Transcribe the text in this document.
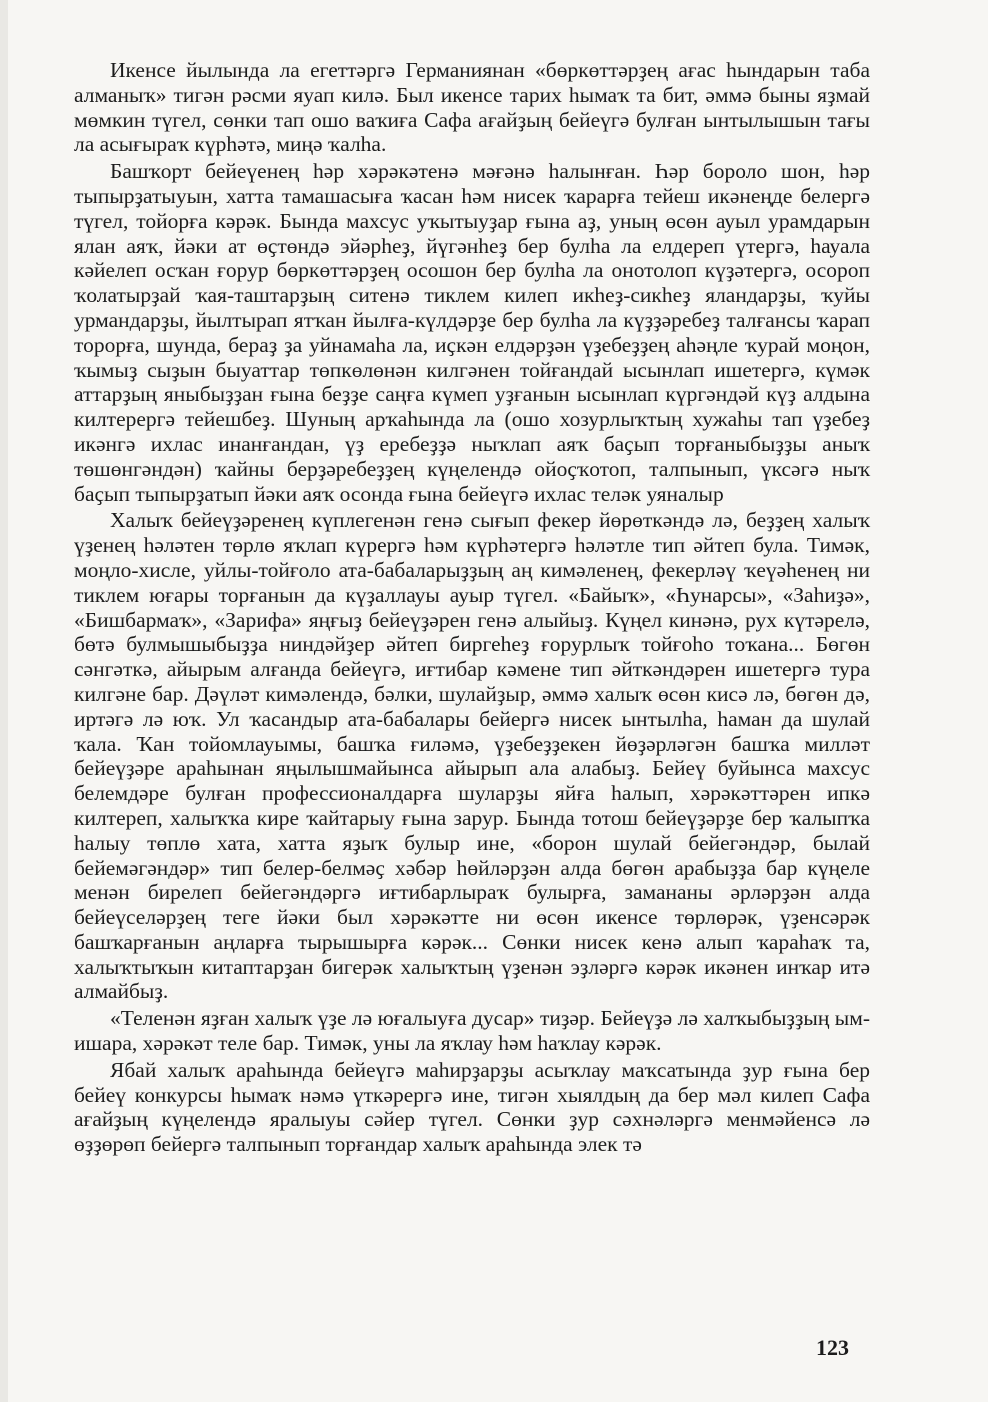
Икенсе йылында ла егеттәргә Германиянан «бөркөттәрҙең ағас һындарын таба алманыҡ» тигән рәсми яуап килә. Был икенсе тарих һымаҡ та бит, әммә быны яҙмай мөмкин түгел, сөнки тап ошо ваҡиға Сафа ағайҙың бейеүгә булған ынтылышын тағы ла асығыраҡ күрһәтә, миңә ҡалһа.

Башҡорт бейеүенең һәр хәрәкәтенә мәғәнә һалынған. Һәр бороло шон, һәр тыпырҙатыуын, хатта тамашасыға ҡасан һәм нисек ҡарарға тейеш икәнеңде белергә түгел, тойорға кәрәк. Бында махсус уҡытыуҙар ғына аҙ, уның өсөн ауыл урамдарын ялан аяҡ, йәки ат өҫтөндә эйәрһеҙ, йүгәнһеҙ бер булһа ла елдереп үтергә, һауала кәйелеп осҡан ғорур бөркөттәрҙең осошон бер булһа ла онотолоп күҙәтергә, осороп ҡолатырҙай ҡая-таштарҙың ситенә тиклем килеп икһеҙ-сикһеҙ яландарҙы, ҡуйы урмандарҙы, йылтырап ятҡан йылға-күлдәрҙе бер булһа ла күҙҙәребеҙ талғансы ҡарап торорға, шунда, бераҙ ҙа уйнамаһа ла, иҫкән елдәрҙән үҙебеҙҙең аһәңле ҡурай моңон, ҡымыҙ сыҙын быуаттар төпкөлөнән килгәнен тойғандай ысынлап ишетергә, күмәк аттарҙың яныбыҙҙан ғына беҙҙе саңға күмеп уҙғанын ысынлап күргәндәй күҙ алдына килтерергә тейешбеҙ. Шуның арҡаһында ла (ошо хозурлыҡтың хужаһы тап үҙебеҙ икәнгә ихлас инанғандан, үҙ еребеҙҙә ныҡлап аяҡ баҫып торғаныбыҙҙы аныҡ төшөнгәндән) ҡайны берҙәребеҙҙең күңелендә ойоҫҡотоп, талпынып, үксәгә ныҡ баҫып тыпырҙатып йәки аяҡ осонда ғына бейеүгә ихлас теләк уяналыр

Халыҡ бейеүҙәренең күплегенән генә сығып фекер йөрөткәндә лә, беҙҙең халыҡ үҙенең һәләтен төрлө яҡлап күрергә һәм күрһәтергә һәләтле тип әйтеп була. Тимәк, моңло-хисле, уйлы-тойғоло ата-бабаларыҙҙың аң кимәленең, фекерләү ҡеүәһенең ни тиклем юғары торғанын да күҙаллауы ауыр түгел. «Байыҡ», «Һунарсы», «Заһиҙә», «Бишбармаҡ», «Зарифа» яңғыҙ бейеүҙәрен генә алыйыҙ. Күңел кинәнә, рух күтәрелә, бөтә булмышыбыҙҙа ниндәйҙер әйтеп биргеһеҙ ғорурлыҡ тойғоһо тоҡана... Бөгөн сәнгәткә, айырым алғанда бейеүгә, иғтибар кәмене тип әйткәндәрен ишетергә тура килгәне бар. Дәүләт кимәлендә, бәлки, шулайҙыр, әммә халыҡ өсөн кисә лә, бөгөн дә, иртәгә лә юҡ. Ул ҡасандыр ата-бабалары бейергә нисек ынтылһа, һаман да шулай ҡала. Ҡан тойомлауымы, башҡа ғиләмә, үҙебеҙҙекен йөҙәрләгән башҡа милләт бейеүҙәре араһынан яңылышмайынса айырып ала алабыҙ. Бейеү буйынса махсус белемдәре булған профессионалдарға шуларҙы яйға һалып, хәрәкәттәрен ипкә килтереп, халыҡҡа кире ҡайтарыу ғына зарур. Бында тотош бейеүҙәрҙе бер ҡалыпҡа һалыу төплө хата, хатта яҙыҡ булыр ине, «борон шулай бейегәндәр, былай бейемәгәндәр» тип белер-белмәҫ хәбәр һөйләрҙән алда бөгөн арабыҙҙа бар күңеле менән бирелеп бейегәндәргә иғтибарлыраҡ булырға, замананы әрләрҙән алда бейеүселәрҙең теге йәки был хәрәкәтте ни өсөн икенсе төрлөрәк, үҙенсәрәк башҡарғанын аңларға тырышырға кәрәк... Сөнки нисек кенә алып ҡараһаҡ та, халыҡтыҡын китаптарҙан бигерәк халыҡтың үҙенән эҙләргә кәрәк икәнен инҡар итә алмайбыҙ.

«Теленән яҙған халыҡ үҙе лә юғалыуға дусар» тиҙәр. Бейеүҙә лә халҡыбыҙҙың ым-ишара, хәрәкәт теле бар. Тимәк, уны ла яҡлау һәм һаҡлау кәрәк.

Ябай халыҡ араһында бейеүгә маһирҙарҙы асыҡлау маҡсатында ҙур ғына бер бейеү конкурсы һымаҡ нәмә үткәрергә ине, тигән хыялдың да бер мәл килеп Сафа ағайҙың күңелендә яралыуы сәйер түгел. Сөнки ҙур сәхнәләргә менмәйенсә лә өҙҙөрөп бейергә талпынып торғандар халыҡ араһында элек тә

123
